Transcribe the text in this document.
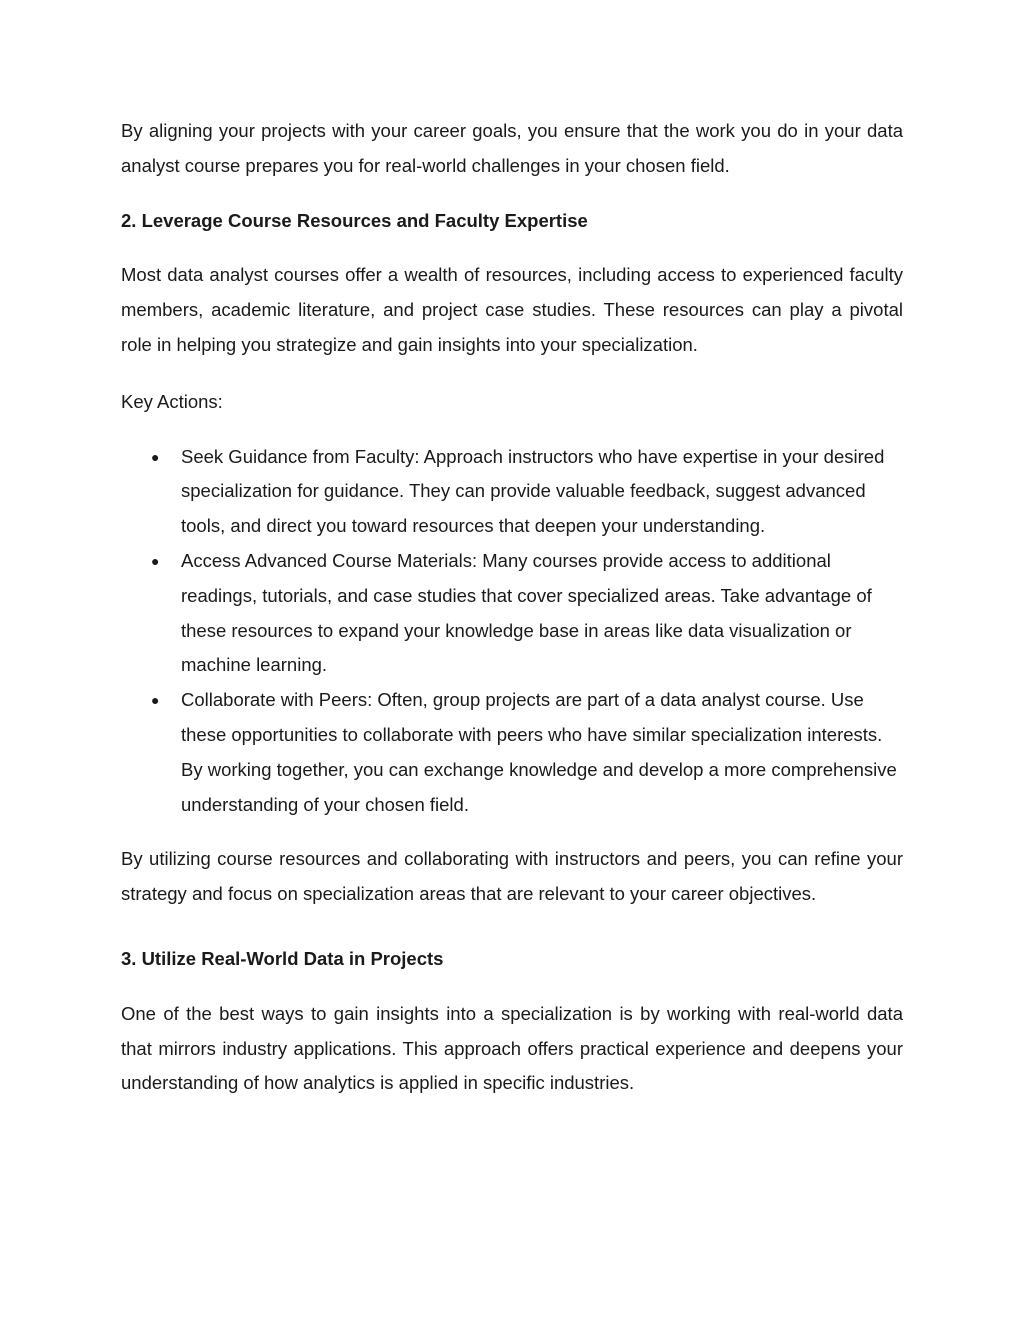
By aligning your projects with your career goals, you ensure that the work you do in your data analyst course prepares you for real-world challenges in your chosen field.

2. Leverage Course Resources and Faculty Expertise

Most data analyst courses offer a wealth of resources, including access to experienced faculty members, academic literature, and project case studies. These resources can play a pivotal role in helping you strategize and gain insights into your specialization.

Key Actions:

● Seek Guidance from Faculty: Approach instructors who have expertise in your desired specialization for guidance. They can provide valuable feedback, suggest advanced tools, and direct you toward resources that deepen your understanding.
● Access Advanced Course Materials: Many courses provide access to additional readings, tutorials, and case studies that cover specialized areas. Take advantage of these resources to expand your knowledge base in areas like data visualization or machine learning.
● Collaborate with Peers: Often, group projects are part of a data analyst course. Use these opportunities to collaborate with peers who have similar specialization interests. By working together, you can exchange knowledge and develop a more comprehensive understanding of your chosen field.

By utilizing course resources and collaborating with instructors and peers, you can refine your strategy and focus on specialization areas that are relevant to your career objectives.

3. Utilize Real-World Data in Projects

One of the best ways to gain insights into a specialization is by working with real-world data that mirrors industry applications. This approach offers practical experience and deepens your understanding of how analytics is applied in specific industries.
